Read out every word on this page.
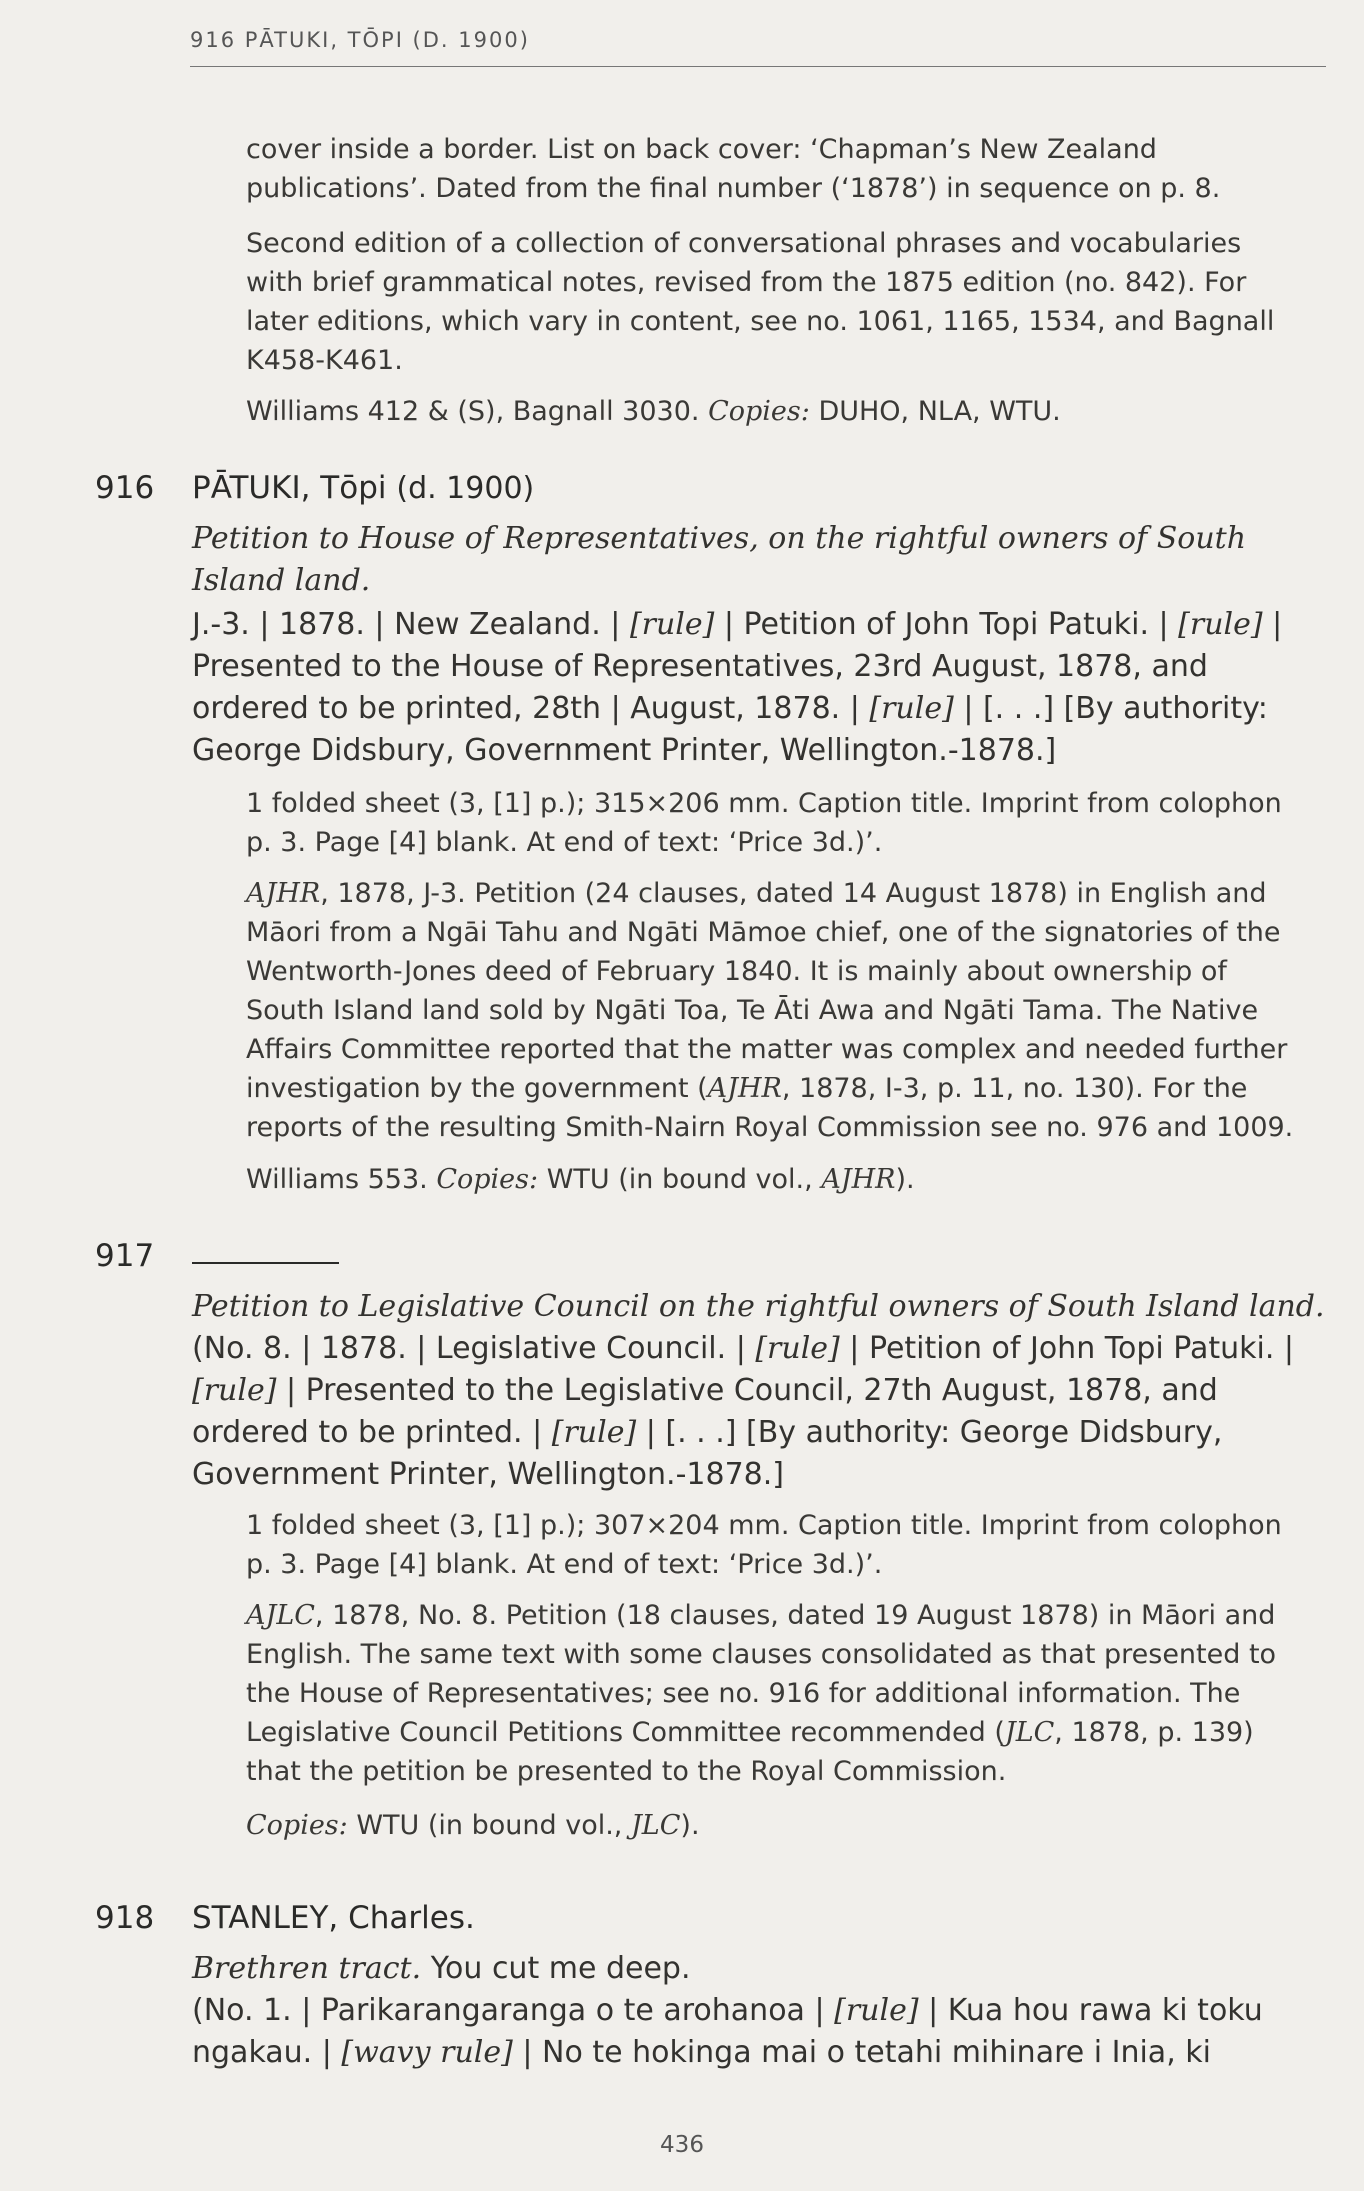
916 PĀTUKI, TŌPI (D. 1900)

cover inside a border. List on back cover: ‘Chapman’s New Zealand

publications’. Dated from the final number (‘1878’) in sequence on p. 8.

Second edition of a collection of conversational phrases and vocabularies

with brief grammatical notes, revised from the 1875 edition (no. 842). For

later editions, which vary in content, see no. 1061, 1165, 1534, and Bagnall

K458-K461.

Williams 412 & (S), Bagnall 3030. Copies: DUHO, NLA, WTU.

916 PĀTUKI, Tōpi (d. 1900)

Petition to House of Representatives, on the rightful owners of South

Island land.

J.-3. | 1878. | New Zealand. | [rule] | Petition of John Topi Patuki. | [rule] |

Presented to the House of Representatives, 23rd August, 1878, and

ordered to be printed, 28th | August, 1878. | [rule] | [. . .] [By authority:

George Didsbury, Government Printer, Wellington.-1878.]

1 folded sheet (3, [1] p.); 315×206 mm. Caption title. Imprint from colophon

p. 3. Page [4] blank. At end of text: ‘Price 3d.)’.

AJHR, 1878, J-3. Petition (24 clauses, dated 14 August 1878) in English and

Māori from a Ngāi Tahu and Ngāti Māmoe chief, one of the signatories of the

Wentworth-Jones deed of February 1840. It is mainly about ownership of

South Island land sold by Ngāti Toa, Te Āti Awa and Ngāti Tama. The Native

Affairs Committee reported that the matter was complex and needed further

investigation by the government (AJHR, 1878, I-3, p. 11, no. 130). For the

reports of the resulting Smith-Nairn Royal Commission see no. 976 and 1009.

Williams 553. Copies: WTU (in bound vol., AJHR).

917

Petition to Legislative Council on the rightful owners of South Island land.

(No. 8. | 1878. | Legislative Council. | [rule] | Petition of John Topi Patuki. |

[rule] | Presented to the Legislative Council, 27th August, 1878, and

ordered to be printed. | [rule] | [. . .] [By authority: George Didsbury,

Government Printer, Wellington.-1878.]

1 folded sheet (3, [1] p.); 307×204 mm. Caption title. Imprint from colophon

p. 3. Page [4] blank. At end of text: ‘Price 3d.)’.

AJLC, 1878, No. 8. Petition (18 clauses, dated 19 August 1878) in Māori and

English. The same text with some clauses consolidated as that presented to

the House of Representatives; see no. 916 for additional information. The

Legislative Council Petitions Committee recommended (JLC, 1878, p. 139)

that the petition be presented to the Royal Commission.

Copies: WTU (in bound vol., JLC).

918 STANLEY, Charles.

Brethren tract. You cut me deep.

(No. 1. | Parikarangaranga o te arohanoa | [rule] | Kua hou rawa ki toku

ngakau. | [wavy rule] | No te hokinga mai o tetahi mihinare i Inia, ki

436
